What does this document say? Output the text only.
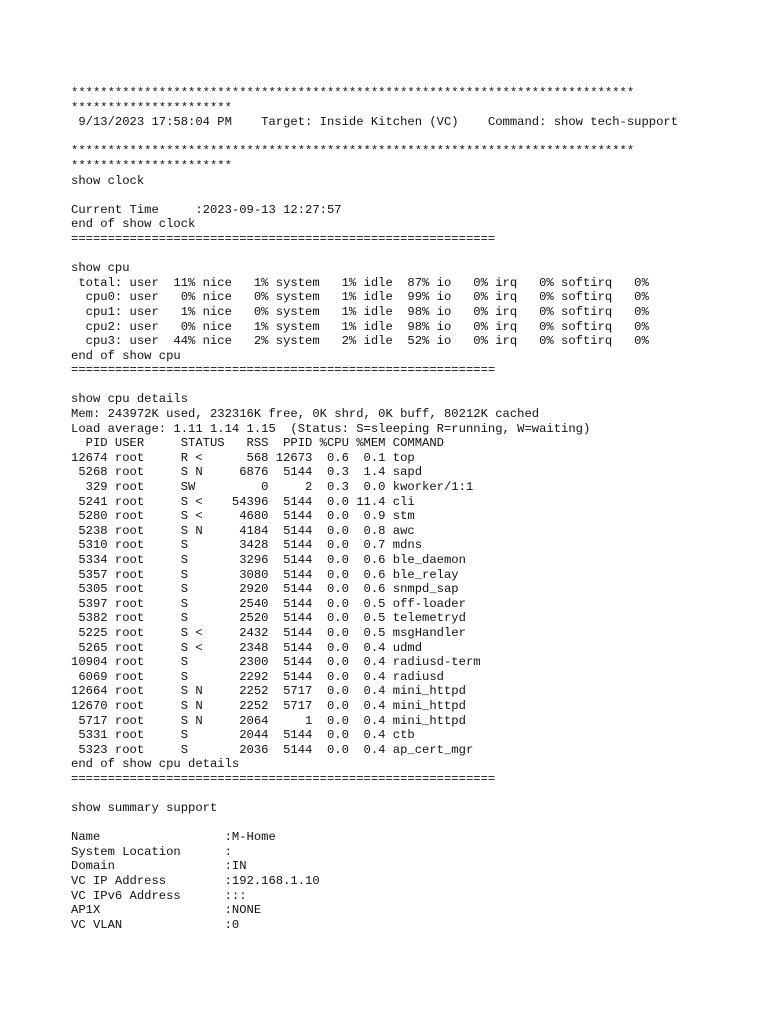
*****************************************************************************
**********************
9/13/2023 17:58:04 PM    Target: Inside Kitchen (VC)    Command: show tech-support
*****************************************************************************
**********************
show clock
Current Time     :2023-09-13 12:27:57
end of show clock
==========================================================
show cpu
total: user  11% nice   1% system   1% idle  87% io   0% irq   0% softirq   0%
cpu0: user   0% nice   0% system   1% idle  99% io   0% irq   0% softirq   0%
cpu1: user   1% nice   0% system   1% idle  98% io   0% irq   0% softirq   0%
cpu2: user   0% nice   1% system   1% idle  98% io   0% irq   0% softirq   0%
cpu3: user  44% nice   2% system   2% idle  52% io   0% irq   0% softirq   0%
end of show cpu
==========================================================
show cpu details
Mem: 243972K used, 232316K free, 0K shrd, 0K buff, 80212K cached
Load average: 1.11 1.14 1.15  (Status: S=sleeping R=running, W=waiting)
PID USER     STATUS   RSS  PPID %CPU %MEM COMMAND
12674 root     R <      568 12673  0.6  0.1 top
5268 root     S N     6876  5144  0.3  1.4 sapd
329 root     SW         0     2  0.3  0.0 kworker/1:1
5241 root     S <    54396  5144  0.0 11.4 cli
5280 root     S <     4680  5144  0.0  0.9 stm
5238 root     S N     4184  5144  0.0  0.8 awc
5310 root     S       3428  5144  0.0  0.7 mdns
5334 root     S       3296  5144  0.0  0.6 ble_daemon
5357 root     S       3080  5144  0.0  0.6 ble_relay
5305 root     S       2920  5144  0.0  0.6 snmpd_sap
5397 root     S       2540  5144  0.0  0.5 off-loader
5382 root     S       2520  5144  0.0  0.5 telemetryd
5225 root     S <     2432  5144  0.0  0.5 msgHandler
5265 root     S <     2348  5144  0.0  0.4 udmd
10904 root     S       2300  5144  0.0  0.4 radiusd-term
6069 root     S       2292  5144  0.0  0.4 radiusd
12664 root     S N     2252  5717  0.0  0.4 mini_httpd
12670 root     S N     2252  5717  0.0  0.4 mini_httpd
5717 root     S N     2064     1  0.0  0.4 mini_httpd
5331 root     S       2044  5144  0.0  0.4 ctb
5323 root     S       2036  5144  0.0  0.4 ap_cert_mgr
end of show cpu details
==========================================================
show summary support
Name                 :M-Home
System Location      :
Domain               :IN
VC IP Address        :192.168.1.10
VC IPv6 Address      :::
AP1X                 :NONE
VC VLAN              :0
